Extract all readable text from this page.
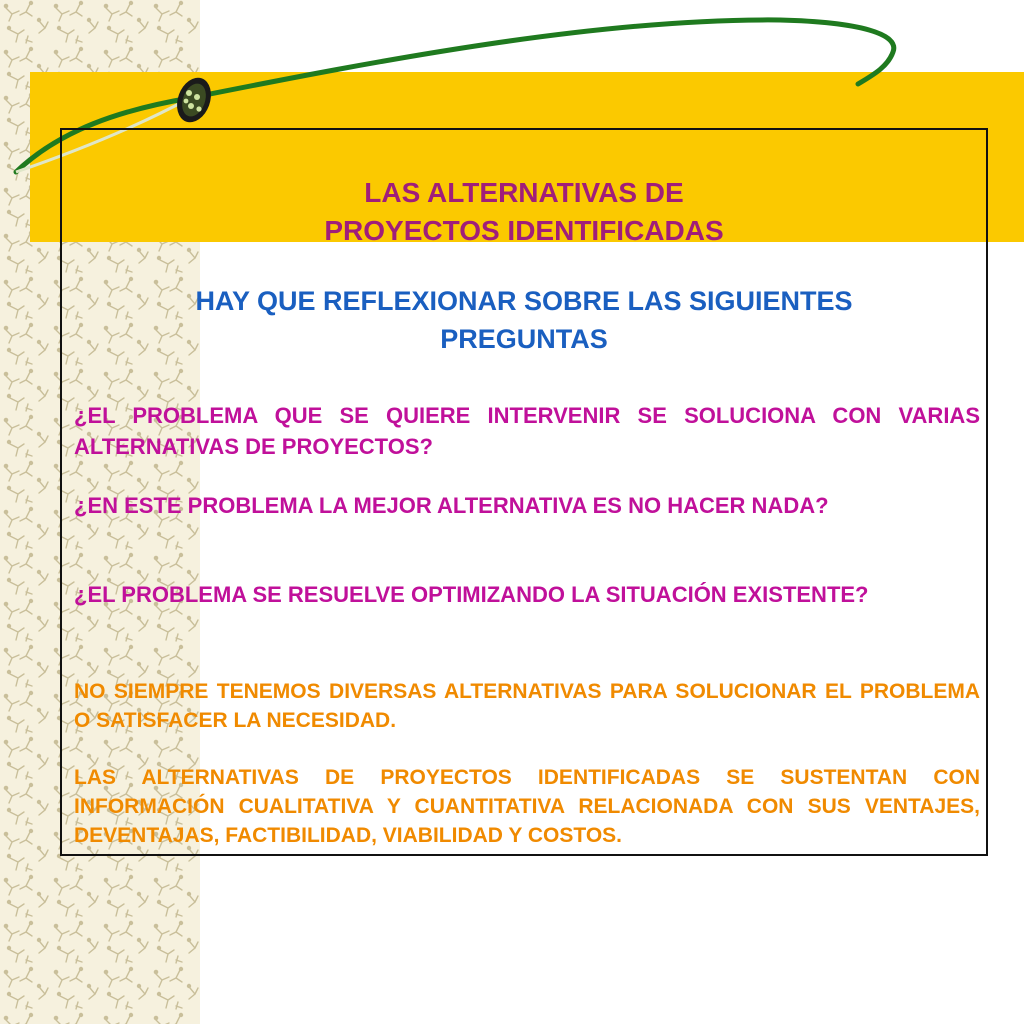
LAS ALTERNATIVAS DE
PROYECTOS IDENTIFICADAS
HAY QUE REFLEXIONAR SOBRE LAS SIGUIENTES
PREGUNTAS

¿EL PROBLEMA QUE SE QUIERE INTERVENIR SE SOLUCIONA CON VARIAS ALTERNATIVAS DE PROYECTOS?

¿EN ESTE PROBLEMA LA MEJOR ALTERNATIVA ES NO HACER NADA?

¿EL PROBLEMA SE RESUELVE OPTIMIZANDO LA SITUACIÓN EXISTENTE?

NO SIEMPRE TENEMOS DIVERSAS ALTERNATIVAS PARA SOLUCIONAR EL PROBLEMA O SATISFACER LA NECESIDAD.

LAS ALTERNATIVAS DE PROYECTOS IDENTIFICADAS SE SUSTENTAN CON INFORMACIÓN CUALITATIVA Y CUANTITATIVA RELACIONADA CON SUS VENTAJES, DEVENTAJAS, FACTIBILIDAD, VIABILIDAD Y COSTOS.
